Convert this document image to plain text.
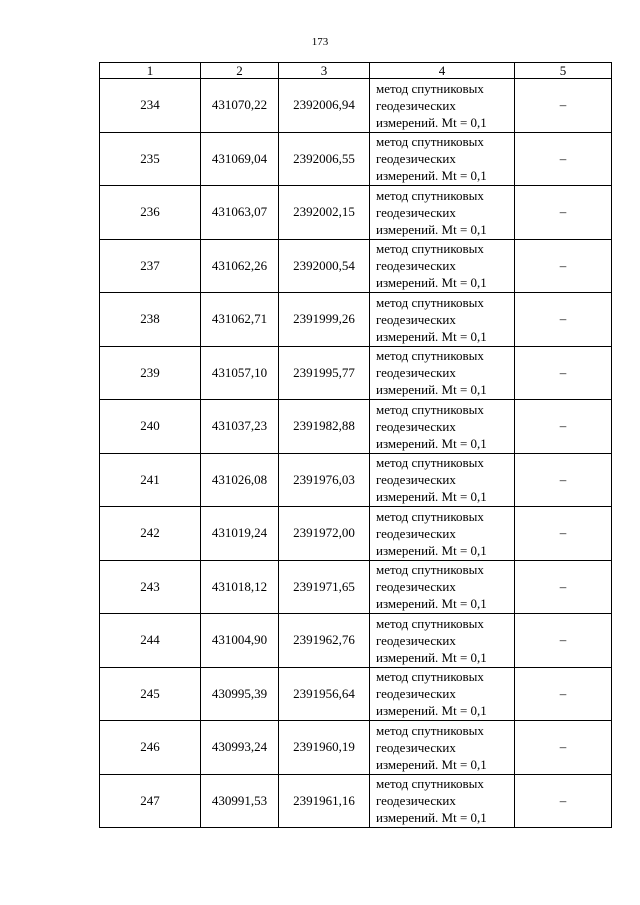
173
1	2	3	4	5
234	431070,22	2392006,94	метод спутниковых
геодезических
измерений. Mt = 0,1	–
235	431069,04	2392006,55	метод спутниковых
геодезических
измерений. Mt = 0,1	–
236	431063,07	2392002,15	метод спутниковых
геодезических
измерений. Mt = 0,1	–
237	431062,26	2392000,54	метод спутниковых
геодезических
измерений. Mt = 0,1	–
238	431062,71	2391999,26	метод спутниковых
геодезических
измерений. Mt = 0,1	–
239	431057,10	2391995,77	метод спутниковых
геодезических
измерений. Mt = 0,1	–
240	431037,23	2391982,88	метод спутниковых
геодезических
измерений. Mt = 0,1	–
241	431026,08	2391976,03	метод спутниковых
геодезических
измерений. Mt = 0,1	–
242	431019,24	2391972,00	метод спутниковых
геодезических
измерений. Mt = 0,1	–
243	431018,12	2391971,65	метод спутниковых
геодезических
измерений. Mt = 0,1	–
244	431004,90	2391962,76	метод спутниковых
геодезических
измерений. Mt = 0,1	–
245	430995,39	2391956,64	метод спутниковых
геодезических
измерений. Mt = 0,1	–
246	430993,24	2391960,19	метод спутниковых
геодезических
измерений. Mt = 0,1	–
247	430991,53	2391961,16	метод спутниковых
геодезических
измерений. Mt = 0,1	–
